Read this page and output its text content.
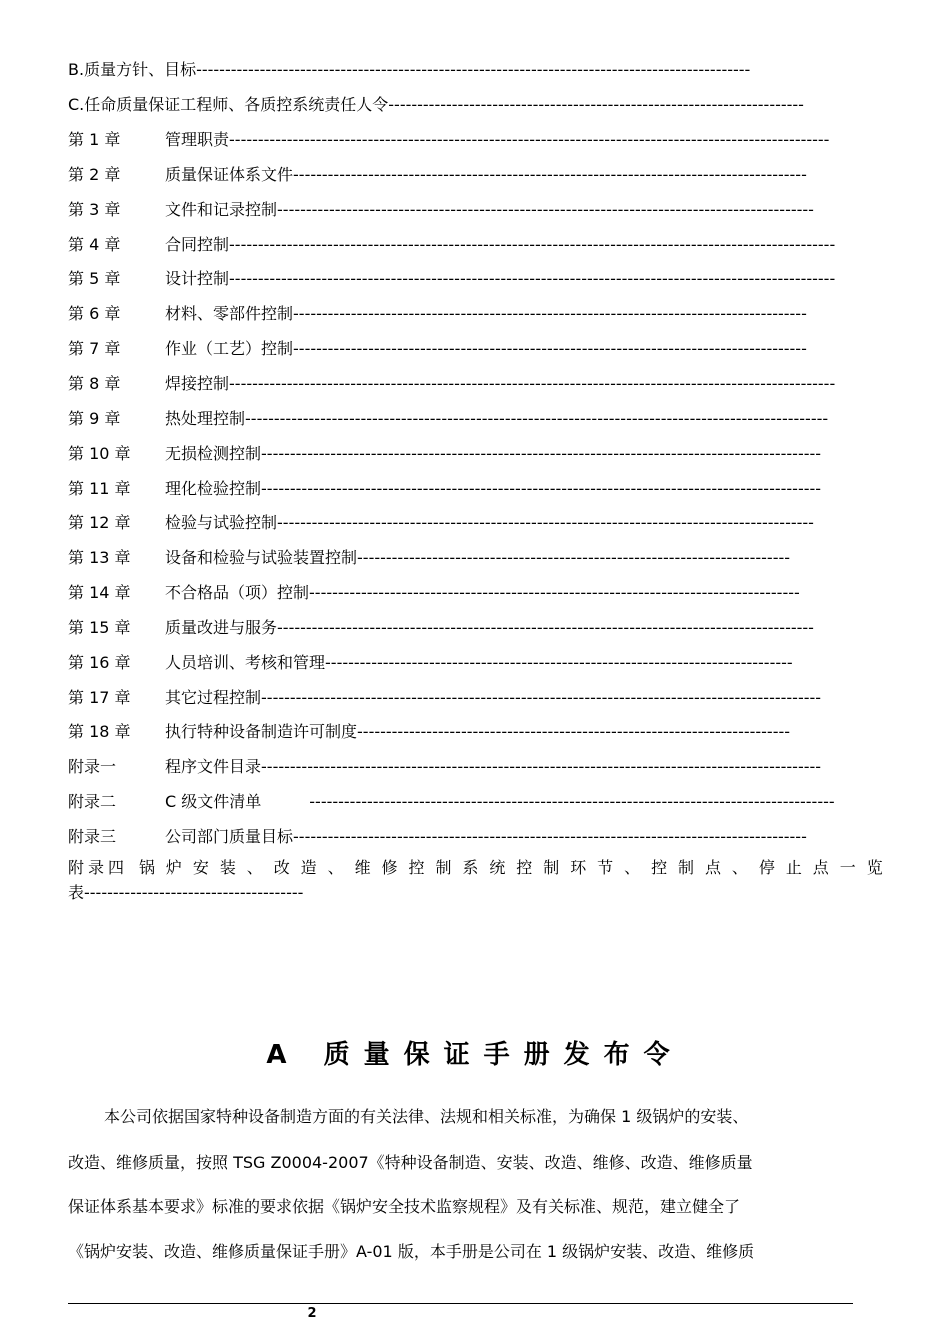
B.质量方针、目标------------------------------------------------------------------------------------------------
C.任命质量保证工程师、各质控系统责任人令------------------------------------------------------------------------
第 1 章	管理职责--------------------------------------------------------------------------------------------------------
第 2 章	质量保证体系文件-----------------------------------------------------------------------------------------
第 3 章	文件和记录控制---------------------------------------------------------------------------------------------
第 4 章	合同控制---------------------------------------------------------------------------------------------------------
第 5 章	设计控制---------------------------------------------------------------------------------------------------------
第 6 章	材料、零部件控制-----------------------------------------------------------------------------------------
第 7 章	作业（工艺）控制-----------------------------------------------------------------------------------------
第 8 章	焊接控制---------------------------------------------------------------------------------------------------------
第 9 章	热处理控制-----------------------------------------------------------------------------------------------------
第 10 章 无损检测控制-------------------------------------------------------------------------------------------------
第 11 章 理化检验控制-------------------------------------------------------------------------------------------------
第 12 章 检验与试验控制---------------------------------------------------------------------------------------------
第 13 章 设备和检验与试验装置控制---------------------------------------------------------------------------
第 14 章 不合格品（项）控制-------------------------------------------------------------------------------------
第 15 章 质量改进与服务---------------------------------------------------------------------------------------------
第 16 章 人员培训、考核和管理---------------------------------------------------------------------------------
第 17 章 其它过程控制-------------------------------------------------------------------------------------------------
第 18 章 执行特种设备制造许可制度---------------------------------------------------------------------------
附录一	程序文件目录-------------------------------------------------------------------------------------------------
附录二	C 级文件清单	-------------------------------------------------------------------------------------------
附录三	公司部门质量目标-----------------------------------------------------------------------------------------
附录四 锅 炉 安 装 、 改 造 、 维 修 控 制 系 统 控 制 环 节 、 控 制 点 、 停 止 点 一 览
表--------------------------------------
A 质量保证手册发布令
本公司依据国家特种设备制造方面的有关法律、法规和相关标准，为确保 1 级锅炉的安装、
改造、维修质量，按照 TSG Z0004-2007《特种设备制造、安装、改造、维修、改造、维修质量
保证体系基本要求》标准的要求依据《锅炉安全技术监察规程》及有关标准、规范，建立健全了
《锅炉安装、改造、维修质量保证手册》A-01 版，本手册是公司在 1 级锅炉安装、改造、维修质
2
